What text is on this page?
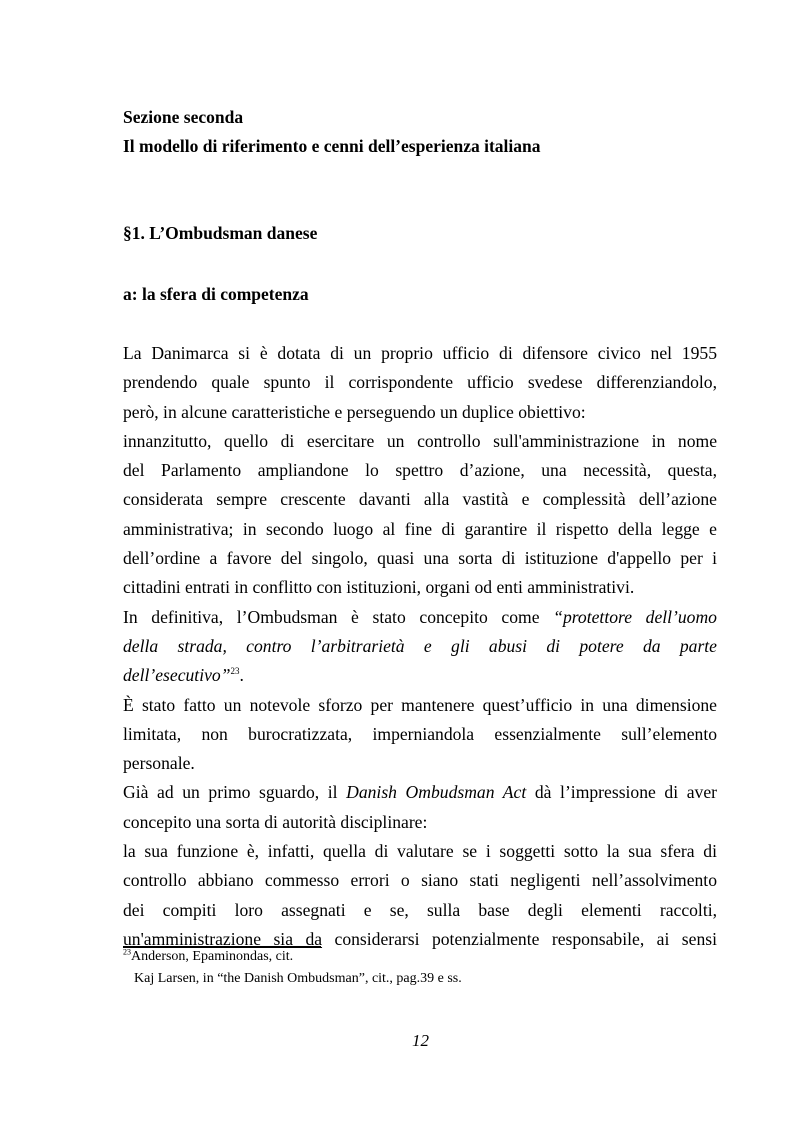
Sezione seconda
Il modello di riferimento e cenni dell’esperienza italiana
§1. L’Ombudsman danese
a: la sfera di competenza
La Danimarca si è dotata di un proprio ufficio di difensore civico nel 1955
prendendo quale spunto il corrispondente ufficio svedese differenziandolo,
però, in alcune caratteristiche e perseguendo un duplice obiettivo:
innanzitutto, quello di esercitare un controllo sull'amministrazione in nome
del Parlamento ampliandone lo spettro d’azione, una necessità, questa,
considerata sempre crescente davanti alla vastità e complessità dell’azione
amministrativa; in secondo luogo al fine di garantire il rispetto della legge e
dell’ordine a favore del singolo, quasi una sorta di istituzione d'appello per i
cittadini entrati in conflitto con istituzioni, organi od enti amministrativi.
In definitiva, l’Ombudsman è stato concepito come “protettore dell’uomo
della strada, contro l’arbitrarietà e gli abusi di potere da parte
dell’esecutivo”$^{23}$.
È stato fatto un notevole sforzo per mantenere quest’ufficio in una dimensione
limitata, non burocratizzata, imperniandola essenzialmente sull’elemento
personale.
Già ad un primo sguardo, il Danish Ombudsman Act dà l’impressione di aver
concepito una sorta di autorità disciplinare:
la sua funzione è, infatti, quella di valutare se i soggetti sotto la sua sfera di
controllo abbiano commesso errori o siano stati negligenti nell’assolvimento
dei compiti loro assegnati e se, sulla base degli elementi raccolti,
un'amministrazione sia da considerarsi potenzialmente responsabile, ai sensi
$^{23}$Anderson, Epaminondas, cit.
Kaj Larsen, in “the Danish Ombudsman”, cit., pag.39 e ss.
12
